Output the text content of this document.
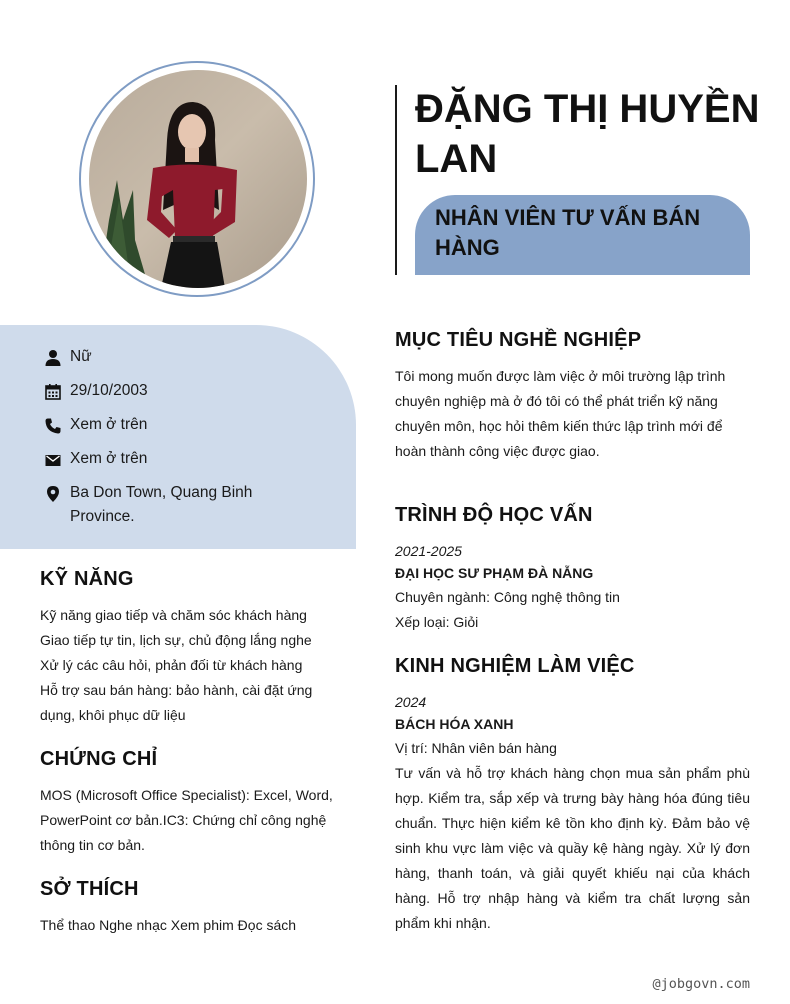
ĐẶNG THỊ HUYỀN LAN
NHÂN VIÊN TƯ VẤN BÁN HÀNG
Nữ
29/10/2003
Xem ở trên
Xem ở trên
Ba Don Town, Quang Binh Province.
KỸ NĂNG
Kỹ năng giao tiếp và chăm sóc khách hàng
Giao tiếp tự tin, lịch sự, chủ động lắng nghe
Xử lý các câu hỏi, phản đối từ khách hàng
Hỗ trợ sau bán hàng: bảo hành, cài đặt ứng dụng, khôi phục dữ liệu
CHỨNG CHỈ

MOS (Microsoft Office Specialist): Excel, Word, PowerPoint cơ bản.IC3: Chứng chỉ công nghệ thông tin cơ bản.

SỞ THÍCH

Thể thao Nghe nhạc Xem phim Đọc sách

MỤC TIÊU NGHỀ NGHIỆP

Tôi mong muốn được làm việc ở môi trường lập trình chuyên nghiệp mà ở đó tôi có thể phát triển kỹ năng chuyên môn, học hỏi thêm kiến thức lập trình mới để hoàn thành công việc được giao.

TRÌNH ĐỘ HỌC VẤN
2021-2025
ĐẠI HỌC SƯ PHẠM ĐÀ NẴNG
Chuyên ngành: Công nghệ thông tin
Xếp loại: Giỏi
KINH NGHIỆM LÀM VIỆC
2024
BÁCH HÓA XANH
Vị trí: Nhân viên bán hàng
Tư vấn và hỗ trợ khách hàng chọn mua sản phẩm phù hợp. Kiểm tra, sắp xếp và trưng bày hàng hóa đúng tiêu chuẩn. Thực hiện kiểm kê tồn kho định kỳ. Đảm bảo vệ sinh khu vực làm việc và quầy kệ hàng ngày. Xử lý đơn hàng, thanh toán, và giải quyết khiếu nại của khách hàng. Hỗ trợ nhập hàng và kiểm tra chất lượng sản phẩm khi nhận.
@jobgovn.com
